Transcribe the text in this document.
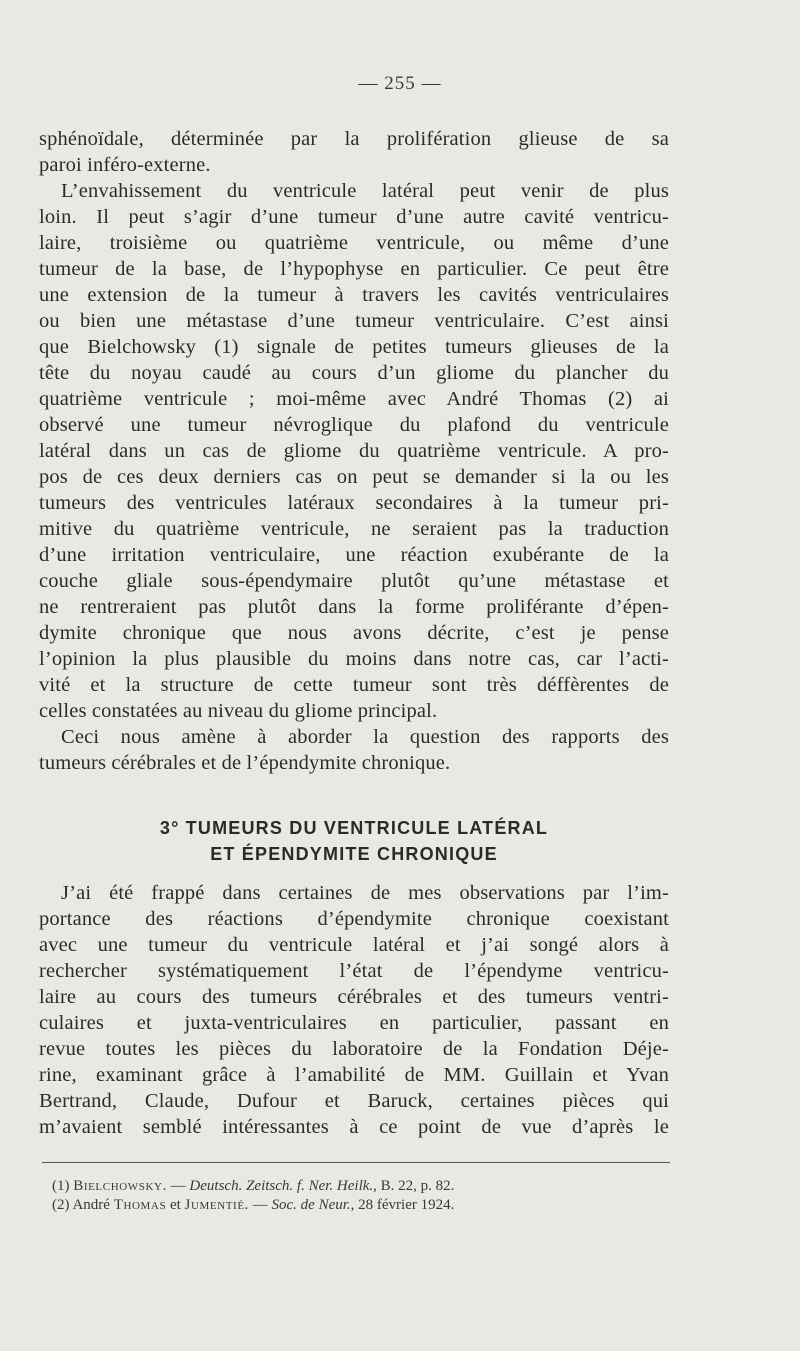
— 255 —
sphénoïdale, déterminée par la prolifération glieuse de sa
paroi inféro-externe.
L’envahissement du ventricule latéral peut venir de plus
loin. Il peut s’agir d’une tumeur d’une autre cavité ventricu-
laire, troisième ou quatrième ventricule, ou même d’une
tumeur de la base, de l’hypophyse en particulier. Ce peut être
une extension de la tumeur à travers les cavités ventriculaires
ou bien une métastase d’une tumeur ventriculaire. C’est ainsi
que Bielchowsky (1) signale de petites tumeurs glieuses de la
tête du noyau caudé au cours d’un gliome du plancher du
quatrième ventricule ; moi-même avec André Thomas (2) ai
observé une tumeur névroglique du plafond du ventricule
latéral dans un cas de gliome du quatrième ventricule. A pro-
pos de ces deux derniers cas on peut se demander si la ou les
tumeurs des ventricules latéraux secondaires à la tumeur pri-
mitive du quatrième ventricule, ne seraient pas la traduction
d’une irritation ventriculaire, une réaction exubérante de la
couche gliale sous-épendymaire plutôt qu’une métastase et
ne rentreraient pas plutôt dans la forme proliférante d’épen-
dymite chronique que nous avons décrite, c’est je pense
l’opinion la plus plausible du moins dans notre cas, car l’acti-
vité et la structure de cette tumeur sont très déffèrentes de
celles constatées au niveau du gliome principal.
Ceci nous amène à aborder la question des rapports des
tumeurs cérébrales et de l’épendymite chronique.
3° TUMEURS DU VENTRICULE LATÉRAL
ET ÉPENDYMITE CHRONIQUE
J’ai été frappé dans certaines de mes observations par l’im-
portance des réactions d’épendymite chronique coexistant
avec une tumeur du ventricule latéral et j’ai songé alors à
rechercher systématiquement l’état de l’épendyme ventricu-
laire au cours des tumeurs cérébrales et des tumeurs ventri-
culaires et juxta-ventriculaires en particulier, passant en
revue toutes les pièces du laboratoire de la Fondation Déje-
rine, examinant grâce à l’amabilité de MM. Guillain et Yvan
Bertrand, Claude, Dufour et Baruck, certaines pièces qui
m’avaient semblé intéressantes à ce point de vue d’après le
(1) Bielchowsky. — Deutsch. Zeitsch. f. Ner. Heilk., B. 22, p. 82.
(2) André Thomas et Jumentié. — Soc. de Neur., 28 février 1924.
